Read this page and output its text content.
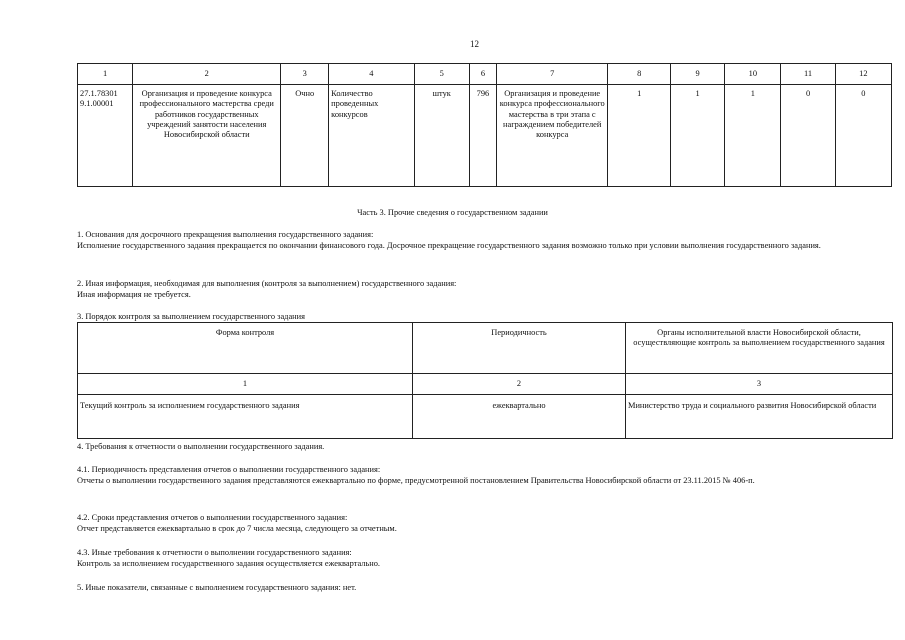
12
1	2	3	4	5	6	7	8	9	10	11	12
27.1.78301 9.1.00001	Организация и проведение конкурса профессионального мастерства среди работников государственных учреждений занятости населения Новосибирской области	Очно	Количество проведенных конкурсов	штук	796	Организация и проведение конкурса профессионального мастерства в три этапа с награждением победителей конкурса	1	1	1	0	0
Часть 3. Прочие сведения о государственном задании
1. Основания для досрочного прекращения выполнения государственного задания:
Исполнение государственного задания прекращается по окончании финансового года. Досрочное прекращение государственного задания возможно только при условии выполнения государственного задания.
2. Иная информация, необходимая для выполнения (контроля за выполнением) государственного задания:
Иная информация не требуется.
3. Порядок контроля за выполнением государственного задания
Форма контроля	Периодичность	Органы исполнительной власти Новосибирской области, осуществляющие контроль за выполнением государственного задания
1	2	3
Текущий контроль за исполнением государственного задания	ежеквартально	Министерство труда и социального развития Новосибирской области
4. Требования к отчетности о выполнении государственного задания.
4.1. Периодичность представления отчетов о выполнении государственного задания:
Отчеты о выполнении государственного задания представляются ежеквартально по форме, предусмотренной постановлением Правительства Новосибирской области от 23.11.2015 № 406-п.
4.2. Сроки представления отчетов о выполнении государственного задания:
Отчет представляется ежеквартально в срок до 7 числа месяца, следующего за отчетным.
4.3. Иные требования к отчетности о выполнении государственного задания:
Контроль за исполнением государственного задания осуществляется ежеквартально.
5. Иные показатели, связанные с выполнением государственного задания: нет.
